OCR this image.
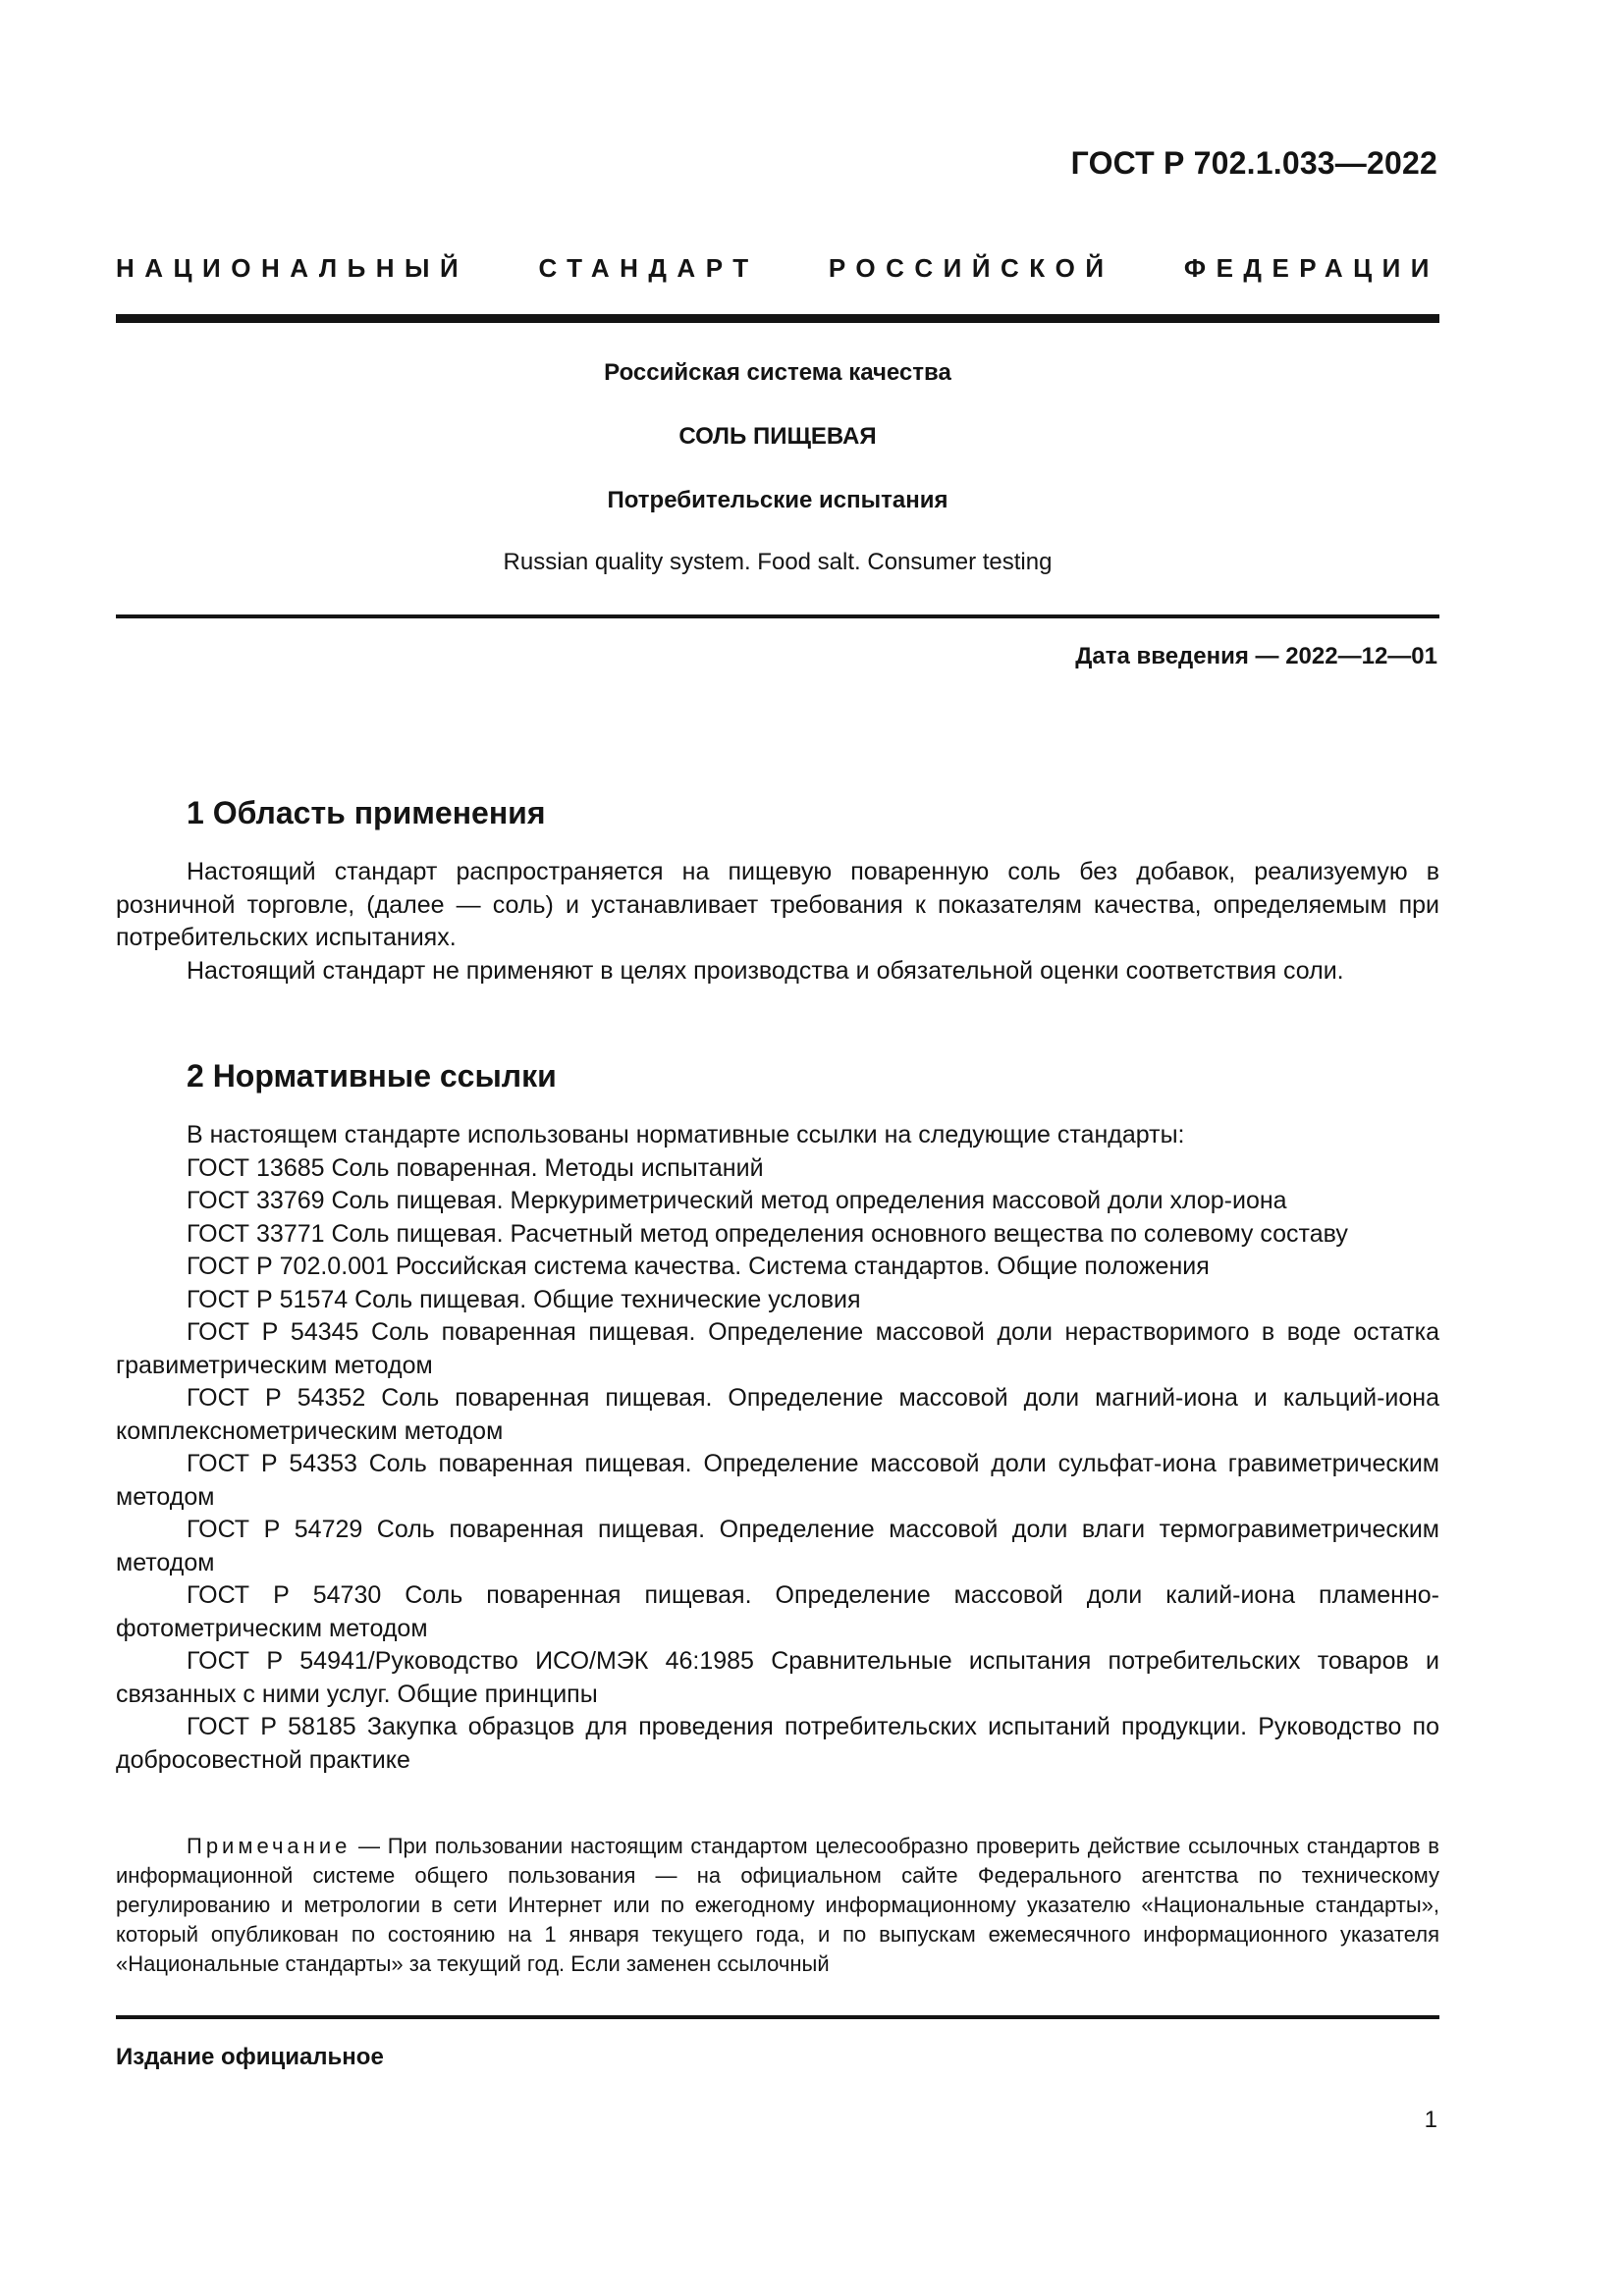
ГОСТ Р 702.1.033—2022
НАЦИОНАЛЬНЫЙ СТАНДАРТ РОССИЙСКОЙ ФЕДЕРАЦИИ
Российская система качества
СОЛЬ ПИЩЕВАЯ
Потребительские испытания
Russian quality system. Food salt. Consumer testing
Дата введения — 2022—12—01
1 Область применения

Настоящий стандарт распространяется на пищевую поваренную соль без добавок, реализуемую в розничной торговле, (далее — соль) и устанавливает требования к показателям качества, определяемым при потребительских испытаниях.

Настоящий стандарт не применяют в целях производства и обязательной оценки соответствия соли.

2 Нормативные ссылки

В настоящем стандарте использованы нормативные ссылки на следующие стандарты:

ГОСТ 13685 Соль поваренная. Методы испытаний

ГОСТ 33769 Соль пищевая. Меркуриметрический метод определения массовой доли хлор-иона

ГОСТ 33771 Соль пищевая. Расчетный метод определения основного вещества по солевому составу

ГОСТ Р 702.0.001 Российская система качества. Система стандартов. Общие положения

ГОСТ Р 51574 Соль пищевая. Общие технические условия

ГОСТ Р 54345 Соль поваренная пищевая. Определение массовой доли нерастворимого в воде остатка гравиметрическим методом

ГОСТ Р 54352 Соль поваренная пищевая. Определение массовой доли магний-иона и кальций-иона комплекснометрическим методом

ГОСТ Р 54353 Соль поваренная пищевая. Определение массовой доли сульфат-иона гравиметрическим методом

ГОСТ Р 54729 Соль поваренная пищевая. Определение массовой доли влаги термогравиметрическим методом

ГОСТ Р 54730 Соль поваренная пищевая. Определение массовой доли калий-иона пламенно-фотометрическим методом

ГОСТ Р 54941/Руководство ИСО/МЭК 46:1985 Сравнительные испытания потребительских товаров и связанных с ними услуг. Общие принципы

ГОСТ Р 58185 Закупка образцов для проведения потребительских испытаний продукции. Руководство по добросовестной практике

Примечание — При пользовании настоящим стандартом целесообразно проверить действие ссылочных стандартов в информационной системе общего пользования — на официальном сайте Федерального агентства по техническому регулированию и метрологии в сети Интернет или по ежегодному информационному указателю «Национальные стандарты», который опубликован по состоянию на 1 января текущего года, и по выпускам ежемесячного информационного указателя «Национальные стандарты» за текущий год. Если заменен ссылочный
Издание официальное
1
